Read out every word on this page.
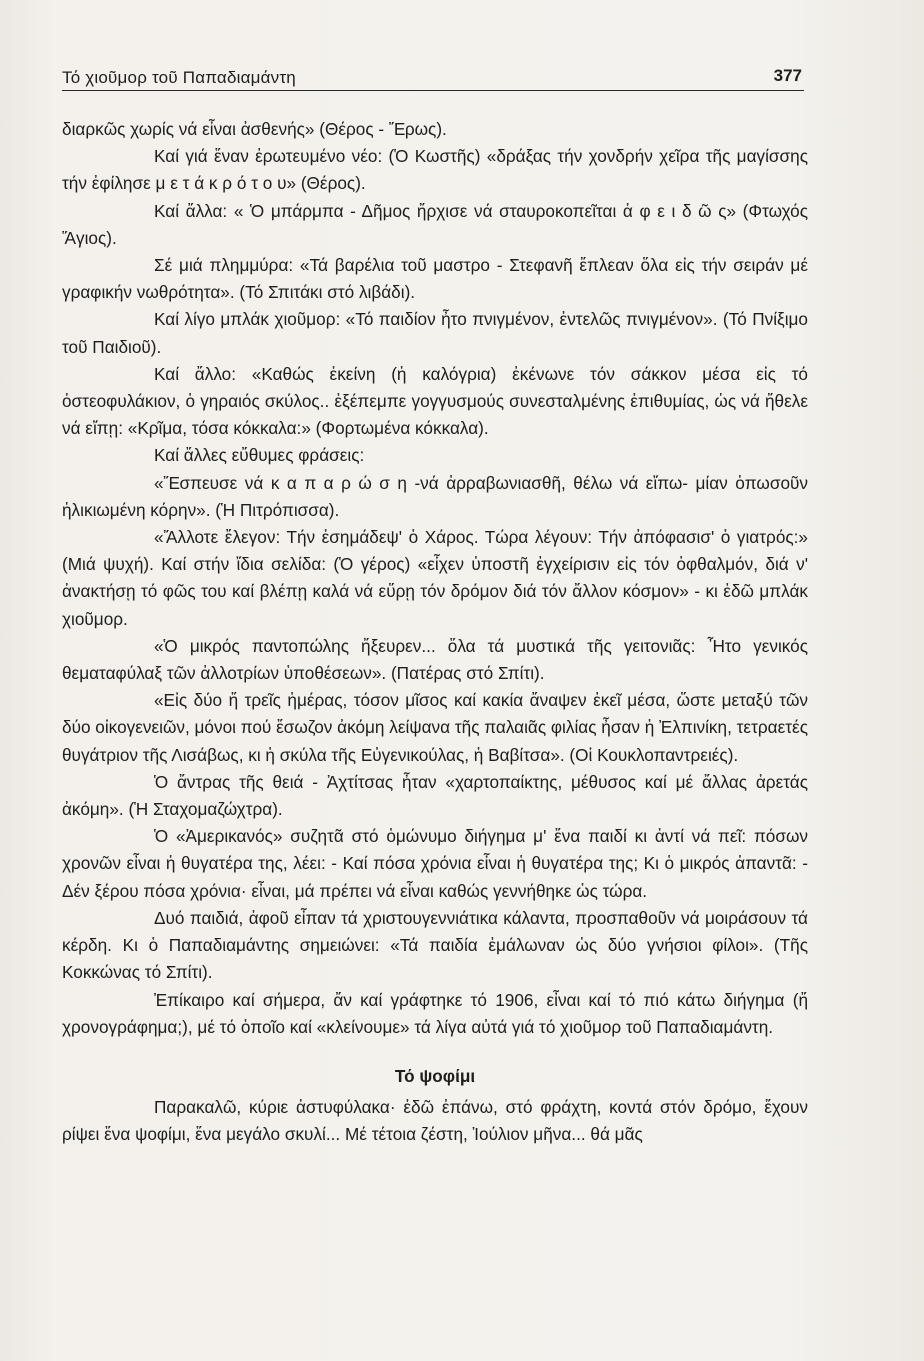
Τό χιοῦμορ τοῦ Παπαδιαμάντη	377

διαρκῶς χωρίς νά εἶναι ἀσθενής» (Θέρος - Ἔρως).

Καί γιά ἕναν ἐρωτευμένο νέο: (Ὁ Κωστῆς) «δράξας τήν χονδρήν χεῖρα τῆς μαγίσσης τήν ἐφίλησε μ ε τ ά κ ρ ό τ ο υ» (Θέρος).

Καί ἄλλα: « Ὁ μπάρμπα - Δῆμος ἤρχισε νά σταυροκοπεῖται ἀ φ ε ι δ ῶ ς» (Φτωχός Ἅγιος).

Σέ μιά πλημμύρα: «Τά βαρέλια τοῦ μαστρο - Στεφανῆ ἔπλεαν ὅλα εἰς τήν σειράν μέ γραφικήν νωθρότητα». (Τό Σπιτάκι στό λιβάδι).

Καί λίγο μπλάκ χιοῦμορ: «Τό παιδίον ἦτο πνιγμένον, ἐντελῶς πνιγμένον». (Τό Πνίξιμο τοῦ Παιδιοῦ).

Καί ἄλλο: «Καθώς ἐκείνη (ἡ καλόγρια) ἐκένωνε τόν σάκκον μέσα εἰς τό ὀστεοφυλάκιον, ὁ γηραιός σκύλος.. ἐξέπεμπε γογγυσμούς συνεσταλμένης ἐπιθυμίας, ὡς νά ἤθελε νά εἴπῃ: «Κρῖμα, τόσα κόκκαλα:» (Φορτωμένα κόκκαλα).

Καί ἄλλες εὔθυμες φράσεις:

«Ἔσπευσε νά κ α π α ρ ώ σ η -νά ἀρραβωνιασθῆ, θέλω νά εἴπω- μίαν ὁπωσοῦν ἡλικιωμένη κόρην». (Ἡ Πιτρόπισσα).

«Ἄλλοτε ἔλεγον: Τήν ἐσημάδεψ' ὁ Χάρος. Τώρα λέγουν: Τήν ἀπόφασισ' ὁ γιατρός:» (Μιά ψυχή). Καί στήν ἴδια σελίδα: (Ὁ γέρος) «εἶχεν ὑποστῆ ἐγχείρισιν εἰς τόν ὀφθαλμόν, διά ν' ἀνακτήσῃ τό φῶς του καί βλέπῃ καλά νά εὕρῃ τόν δρόμον διά τόν ἄλλον κόσμον» - κι ἐδῶ μπλάκ χιοῦμορ.

«Ὁ μικρός παντοπώλης ἤξευρεν... ὅλα τά μυστικά τῆς γειτονιᾶς: Ἦτο γενικός θεματαφύλαξ τῶν ἀλλοτρίων ὑποθέσεων». (Πατέρας στό Σπίτι).

«Εἰς δύο ἤ τρεῖς ἡμέρας, τόσον μῖσος καί κακία ἄναψεν ἐκεῖ μέσα, ὥστε μεταξύ τῶν δύο οἰκογενειῶν, μόνοι πού ἔσωζον ἀκόμη λείψανα τῆς παλαιᾶς φιλίας ἦσαν ἡ Ἐλπινίκη, τετραετές θυγάτριον τῆς Λισάβως, κι ἡ σκύλα τῆς Εὐγενικούλας, ἡ Βαβίτσα». (Οἱ Κουκλοπαντρειές).

Ὁ ἄντρας τῆς θειά - Ἀχτίτσας ἦταν «χαρτοπαίκτης, μέθυσος καί μέ ἄλλας ἀρετάς ἀκόμη». (Ἡ Σταχομαζώχτρα).

Ὁ «Ἀμερικανός» συζητᾶ στό ὁμώνυμο διήγημα μ' ἕνα παιδί κι ἀντί νά πεῖ: πόσων χρονῶν εἶναι ἡ θυγατέρα της, λέει: - Καί πόσα χρόνια εἶναι ἡ θυγατέρα της; Κι ὁ μικρός ἀπαντᾶ: - Δέν ξέρου πόσα χρόνια· εἶναι, μά πρέπει νά εἶναι καθώς γεννήθηκε ὡς τώρα.

Δυό παιδιά, ἀφοῦ εἶπαν τά χριστουγεννιάτικα κάλαντα, προσπαθοῦν νά μοιράσουν τά κέρδη. Κι ὁ Παπαδιαμάντης σημειώνει: «Τά παιδία ἐμάλωναν ὡς δύο γνήσιοι φίλοι». (Τῆς Κοκκώνας τό Σπίτι).

Ἐπίκαιρο καί σήμερα, ἄν καί γράφτηκε τό 1906, εἶναι καί τό πιό κάτω διήγημα (ἤ χρονογράφημα;), μέ τό ὁποῖο καί «κλείνουμε» τά λίγα αὐτά γιά τό χιοῦμορ τοῦ Παπαδιαμάντη.

Τό ψοφίμι

Παρακαλῶ, κύριε ἀστυφύλακα· ἐδῶ ἐπάνω, στό φράχτη, κοντά στόν δρόμο, ἔχουν ρίψει ἕνα ψοφίμι, ἕνα μεγάλο σκυλί... Μέ τέτοια ζέστη, Ἰούλιον μῆνα... θά μᾶς
